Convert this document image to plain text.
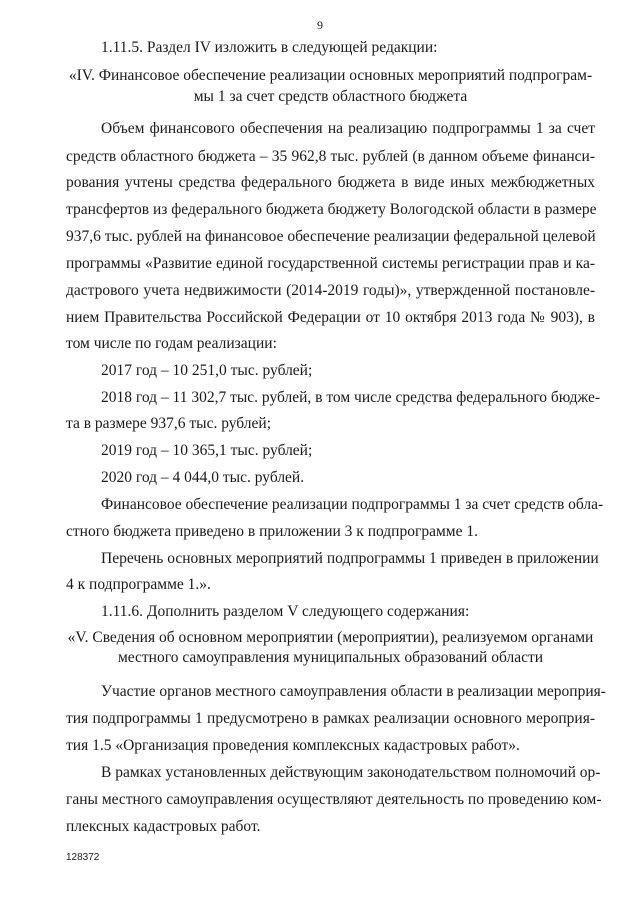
9
1.11.5. Раздел IV изложить в следующей редакции:
«IV. Финансовое обеспечение реализации основных мероприятий подпрограм-
мы 1 за счет средств областного бюджета
Объем финансового обеспечения на реализацию подпрограммы 1 за счет
средств областного бюджета – 35 962,8 тыс. рублей (в данном объеме финанси-
рования учтены средства федерального бюджета в виде иных межбюджетных
трансфертов из федерального бюджета бюджету Вологодской области в размере
937,6 тыс. рублей на финансовое обеспечение реализации федеральной целевой
программы «Развитие единой государственной системы регистрации прав и ка-
дастрового учета недвижимости (2014-2019 годы)», утвержденной постановле-
нием Правительства Российской Федерации от 10 октября 2013 года № 903), в
том числе по годам реализации:
2017 год – 10 251,0 тыс. рублей;
2018 год – 11 302,7 тыс. рублей, в том числе средства федерального бюдже-
та в размере 937,6 тыс. рублей;
2019 год – 10 365,1 тыс. рублей;
2020 год – 4 044,0 тыс. рублей.
Финансовое обеспечение реализации подпрограммы 1 за счет средств обла-
стного бюджета приведено в приложении 3 к подпрограмме 1.
Перечень основных мероприятий подпрограммы 1 приведен в приложении
4 к подпрограмме 1.».
1.11.6. Дополнить разделом V следующего содержания:
«V. Сведения об основном мероприятии (мероприятии), реализуемом органами
местного самоуправления муниципальных образований области
Участие органов местного самоуправления области в реализации мероприя-
тия подпрограммы 1 предусмотрено в рамках реализации основного мероприя-
тия 1.5 «Организация проведения комплексных кадастровых работ».
В рамках установленных действующим законодательством полномочий ор-
ганы местного самоуправления осуществляют деятельность по проведению ком-
плексных кадастровых работ.
128372
